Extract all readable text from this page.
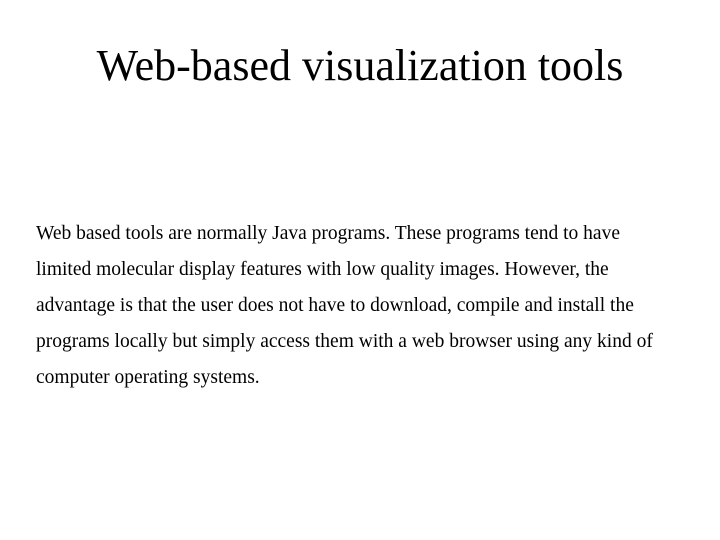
Web-based visualization tools

Web based tools are normally Java programs. These programs tend to have
limited molecular display features with low quality images. However, the
advantage is that the user does not have to download, compile and install the
programs locally but simply access them with a web browser using any kind of
computer operating systems.
